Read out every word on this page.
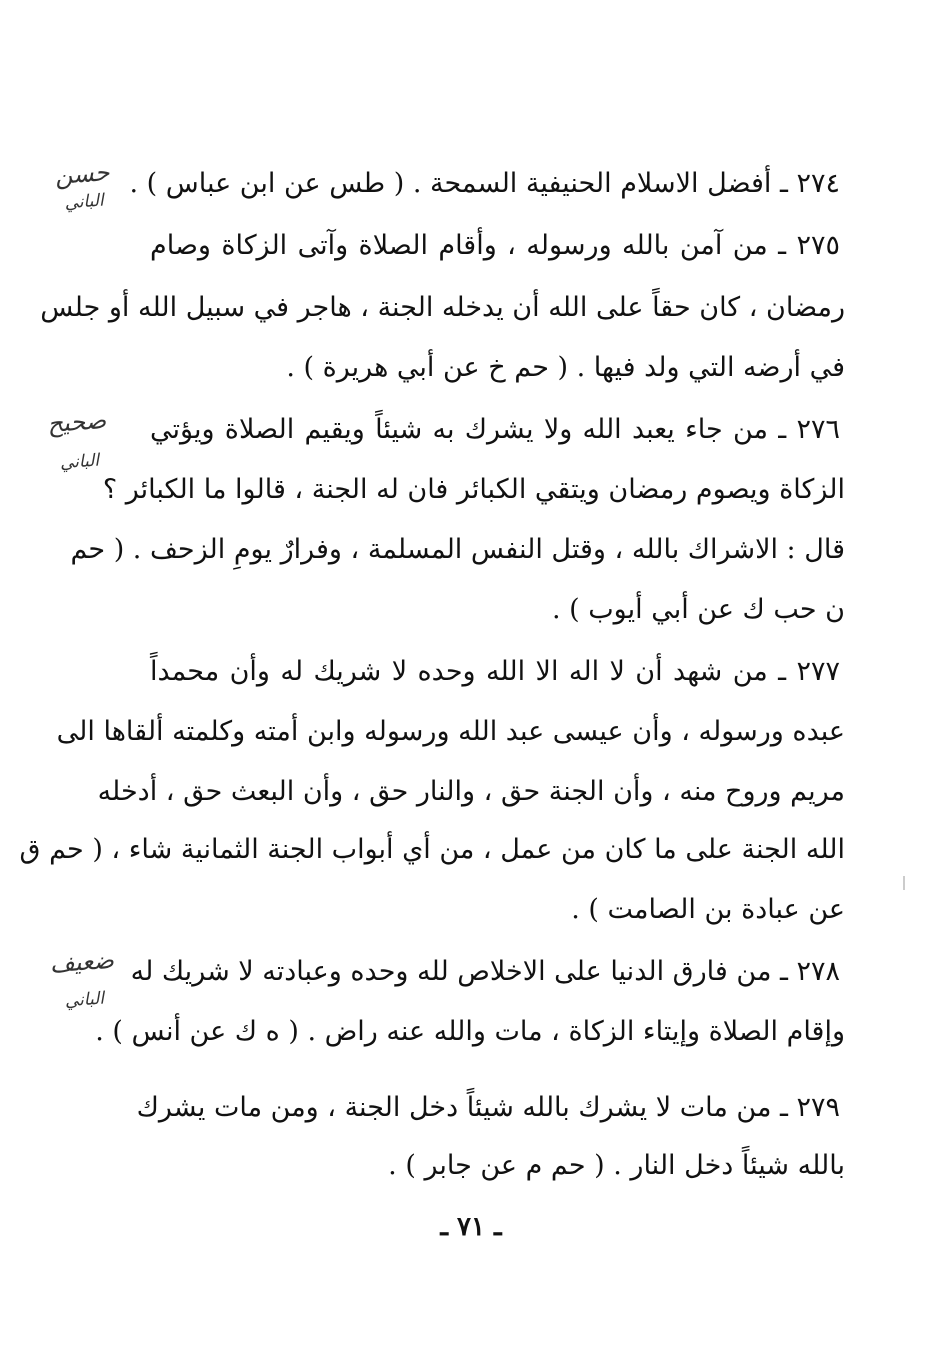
٢٧٤ ـ أفضل الاسلام الحنيفية السمحة . ( طس عن ابن عباس ) .
٢٧٥ ـ من آمن بالله ورسوله ، وأقام الصلاة وآتى الزكاة وصام
رمضان ، كان حقاً على الله أن يدخله الجنة ، هاجر في سبيل الله أو جلس
في أرضه التي ولد فيها . ( حم خ عن أبي هريرة ) .
٢٧٦ ـ من جاء يعبد الله ولا يشرك به شيئاً ويقيم الصلاة ويؤتي
الزكاة ويصوم رمضان ويتقي الكبائر فان له الجنة ، قالوا ما الكبائر ؟
قال : الاشراك بالله ، وقتل النفس المسلمة ، وفرارٌ يومِ الزحف . ( حم
ن حب ك عن أبي أيوب ) .
٢٧٧ ـ من شهد أن لا اله الا الله وحده لا شريك له وأن محمداً
عبده ورسوله ، وأن عيسى عبد الله ورسوله وابن أمته وكلمته ألقاها الى
مريم وروح منه ، وأن الجنة حق ، والنار حق ، وأن البعث حق ، أدخله
الله الجنة على ما كان من عمل ، من أي أبواب الجنة الثمانية شاء ، ( حم ق
عن عبادة بن الصامت ) .
٢٧٨ ـ من فارق الدنيا على الاخلاص لله وحده وعبادته لا شريك له
وإقام الصلاة وإيتاء الزكاة ، مات والله عنه راض . ( ه ك عن أنس ) .
٢٧٩ ـ من مات لا يشرك بالله شيئاً دخل الجنة ، ومن مات يشرك
بالله شيئاً دخل النار . ( حم م عن جابر ) .
حسن
الباني
صحيح
الباني
ضعيف
الباني
ـ ٧١ ـ
